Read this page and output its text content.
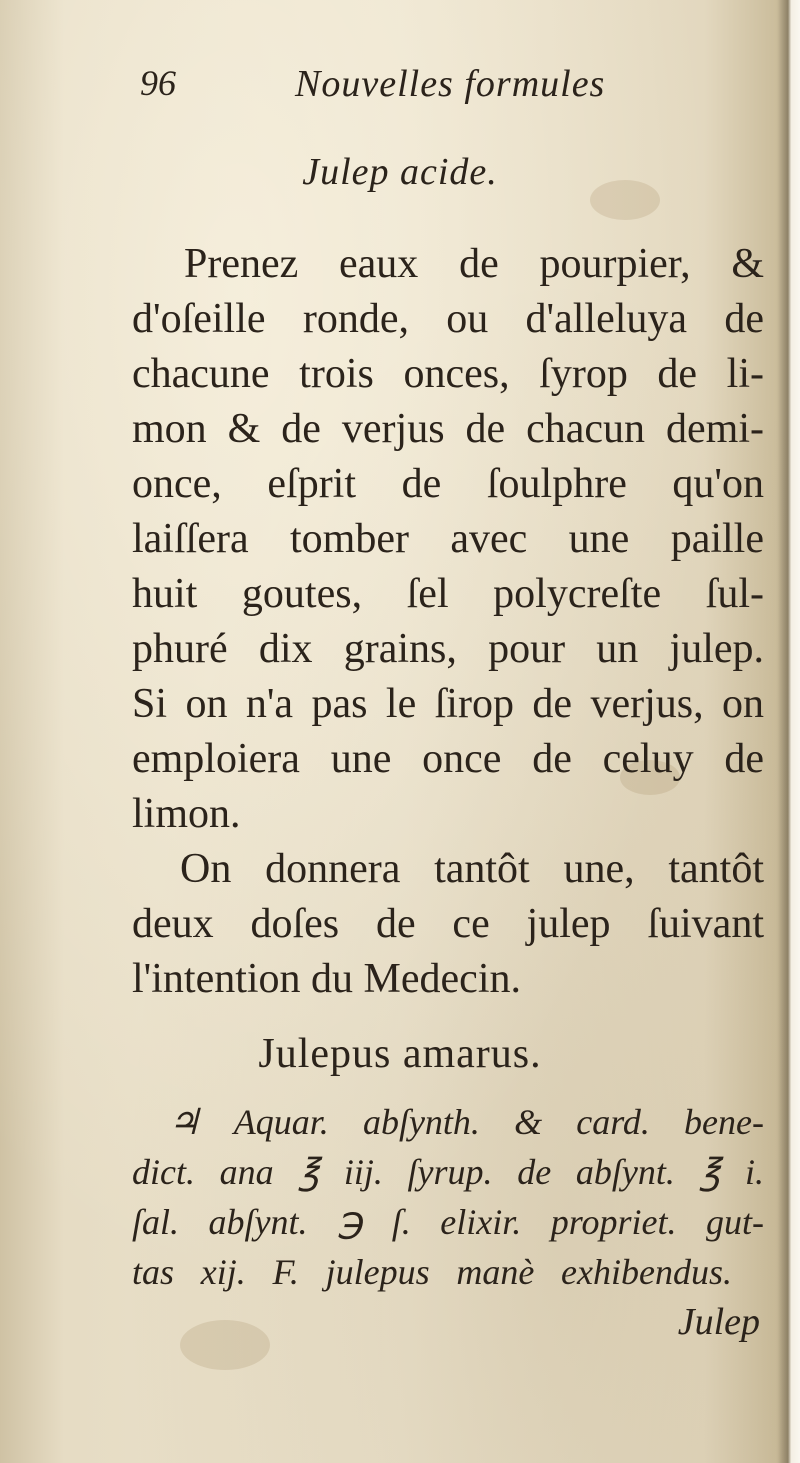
96	Nouvelles formules
Julep acide.
Prenez eaux de pourpier, &
d'oſeille ronde, ou d'alleluya de
chacune trois onces, ſyrop de li-
mon & de verjus de chacun demi-
once, eſprit de ſoulphre qu'on
laiſſera tomber avec une paille
huit goutes, ſel polycreſte ſul-
phuré dix grains, pour un julep.
Si on n'a pas le ſirop de verjus, on
emploiera une once de celuy de
limon.
On donnera tantôt une, tantôt
deux doſes de ce julep ſuivant
l'intention du Medecin.
Julepus amarus.
♃ Aquar. abſynth. & card. bene-
dict. ana ℥ iij. ſyrup. de abſynt. ℥ i.
ſal. abſynt. ℈ ſ. elixir. propriet. gut-
tas xij. F. julepus manè exhibendus.
Julep
